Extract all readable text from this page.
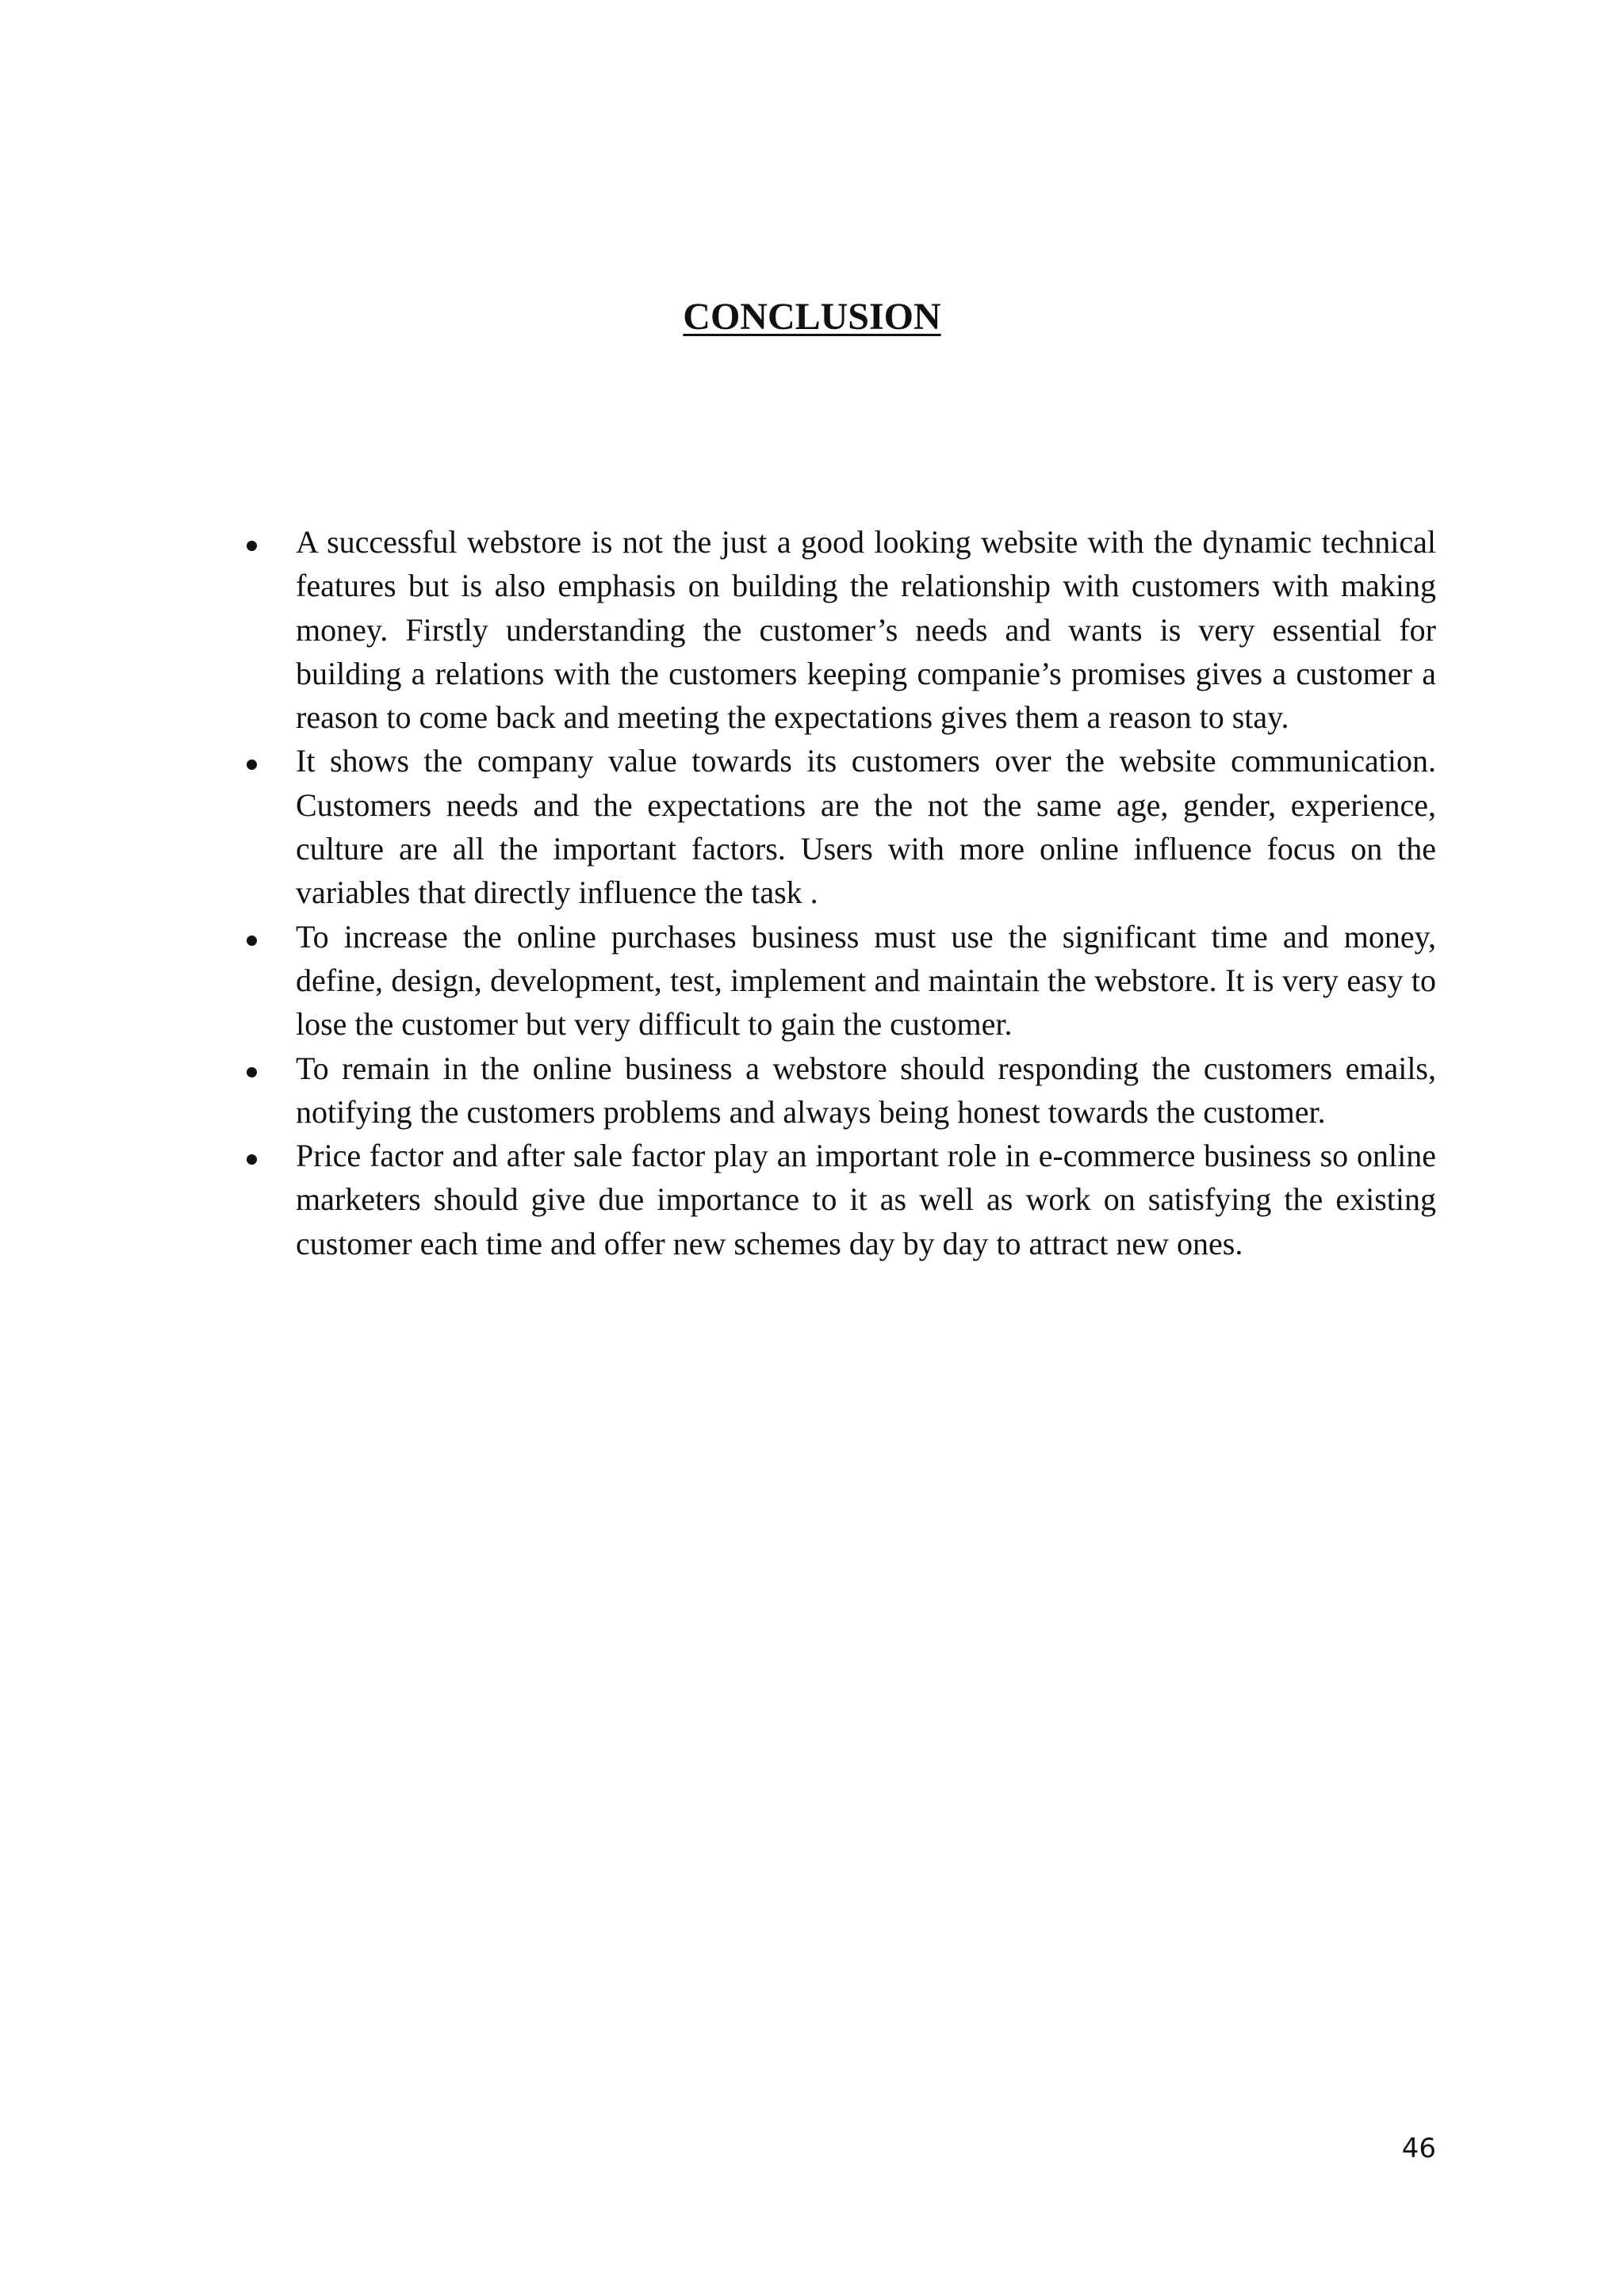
CONCLUSION
A successful webstore is not the just a good looking website with the dynamic technical features but is also emphasis on building the relationship with customers with making money. Firstly understanding the customer’s needs and wants is very essential for building a relations with the customers keeping companie’s promises gives a customer a reason to come back and meeting the expectations gives them a reason to stay.
It shows the company value towards its customers over the website communication. Customers needs and the expectations are the not the same age, gender, experience, culture are all the important factors. Users with more online influence focus on the variables that directly influence the task .
To increase the online purchases business must use the significant time and money, define, design, development, test, implement and maintain the webstore. It is very easy to lose the customer but very difficult to gain the customer.
To remain in the online business a webstore should responding the customers emails, notifying the customers problems and always being honest towards the customer.
Price factor and after sale factor play an important role in e-commerce business so online marketers should give due importance to it as well as work on satisfying the existing customer each time and offer new schemes day by day to attract new ones.
46
